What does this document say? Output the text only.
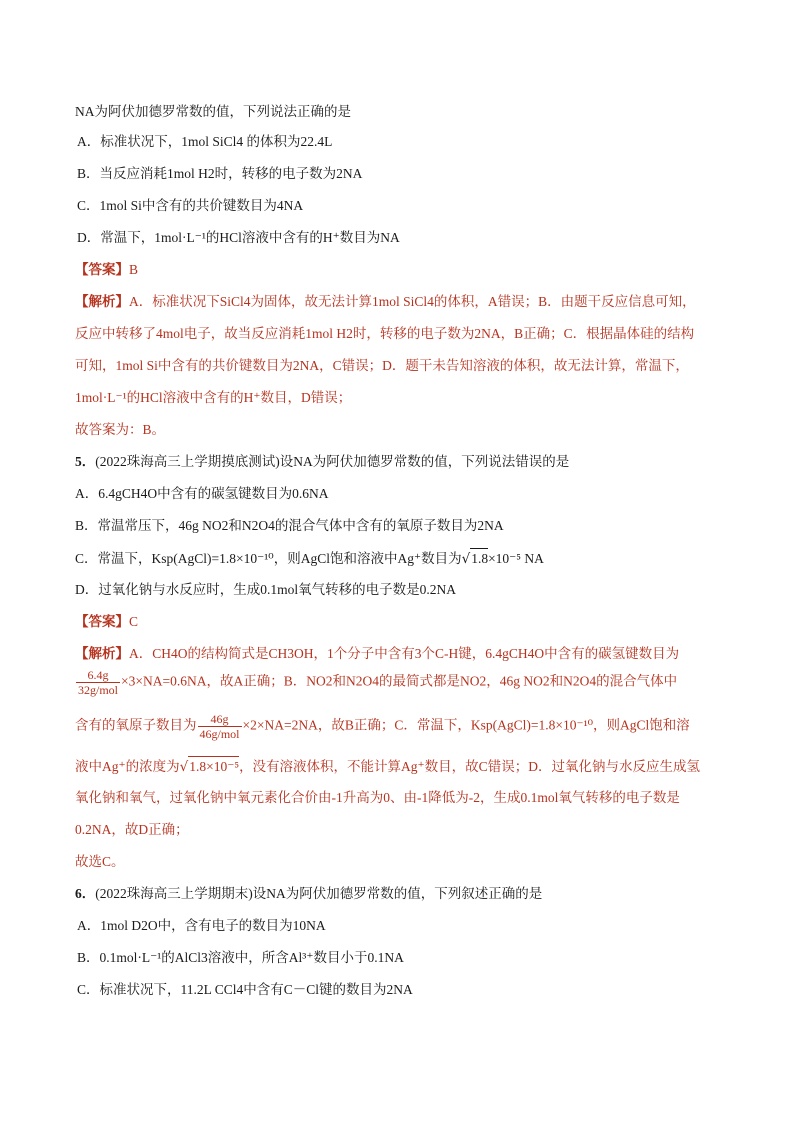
NA为阿伏加德罗常数的值，下列说法正确的是
A．标准状况下，1mol SiCl4 的体积为22.4L
B．当反应消耗1mol H2时，转移的电子数为2NA
C．1mol Si中含有的共价键数目为4NA
D．常温下，1mol·L⁻¹的HCl溶液中含有的H⁺数目为NA
【答案】B
【解析】A．标准状况下SiCl4为固体，故无法计算1mol SiCl4的体积，A错误；B．由题干反应信息可知，
反应中转移了4mol电子，故当反应消耗1mol H2时，转移的电子数为2NA，B正确；C．根据晶体硅的结构
可知，1mol Si中含有的共价键数目为2NA，C错误；D．题干未告知溶液的体积，故无法计算，常温下，
1mol·L⁻¹的HCl溶液中含有的H⁺数目，D错误；
故答案为：B。
5．(2022珠海高三上学期摸底测试)设NA为阿伏加德罗常数的值，下列说法错误的是
A．6.4gCH4O中含有的碳氢键数目为0.6NA
B．常温常压下，46g NO2和N2O4的混合气体中含有的氧原子数目为2NA
C．常温下，Ksp(AgCl)=1.8×10⁻¹⁰，则AgCl饱和溶液中Ag⁺数目为√1.8×10⁻⁵ NA
D．过氧化钠与水反应时，生成0.1mol氧气转移的电子数是0.2NA
【答案】C
【解析】A．CH4O的结构简式是CH3OH，1个分子中含有3个C-H键，6.4gCH4O中含有的碳氢键数目为
$\frac{6.4g}{\text{32g/mol}} \times 3\times NA=0.6NA$，故A正确；B．NO2和N2O4的最简式都是NO2，46g NO2和N2O4的混合气体中
含有的氧原子数目为 $\frac{46g}{\text{46g/mol}} \times 2\times NA=2NA$，故B正确；C．常温下，Ksp(AgCl)=1.8×10⁻¹⁰，则AgCl饱和溶
液中Ag⁺的浓度为√1.8×10⁻⁵，没有溶液体积，不能计算Ag⁺数目，故C错误；D．过氧化钠与水反应生成氢
氧化钠和氧气，过氧化钠中氧元素化合价由-1升高为0、由-1降低为-2，生成0.1mol氧气转移的电子数是
0.2NA，故D正确；
故选C。
6．(2022珠海高三上学期期末)设NA为阿伏加德罗常数的值，下列叙述正确的是
A．1mol D2O中，含有电子的数目为10NA
B．0.1mol·L⁻¹的AlCl3溶液中，所含Al³⁺数目小于0.1NA
C．标准状况下，11.2L CCl4中含有C－Cl键的数目为2NA
